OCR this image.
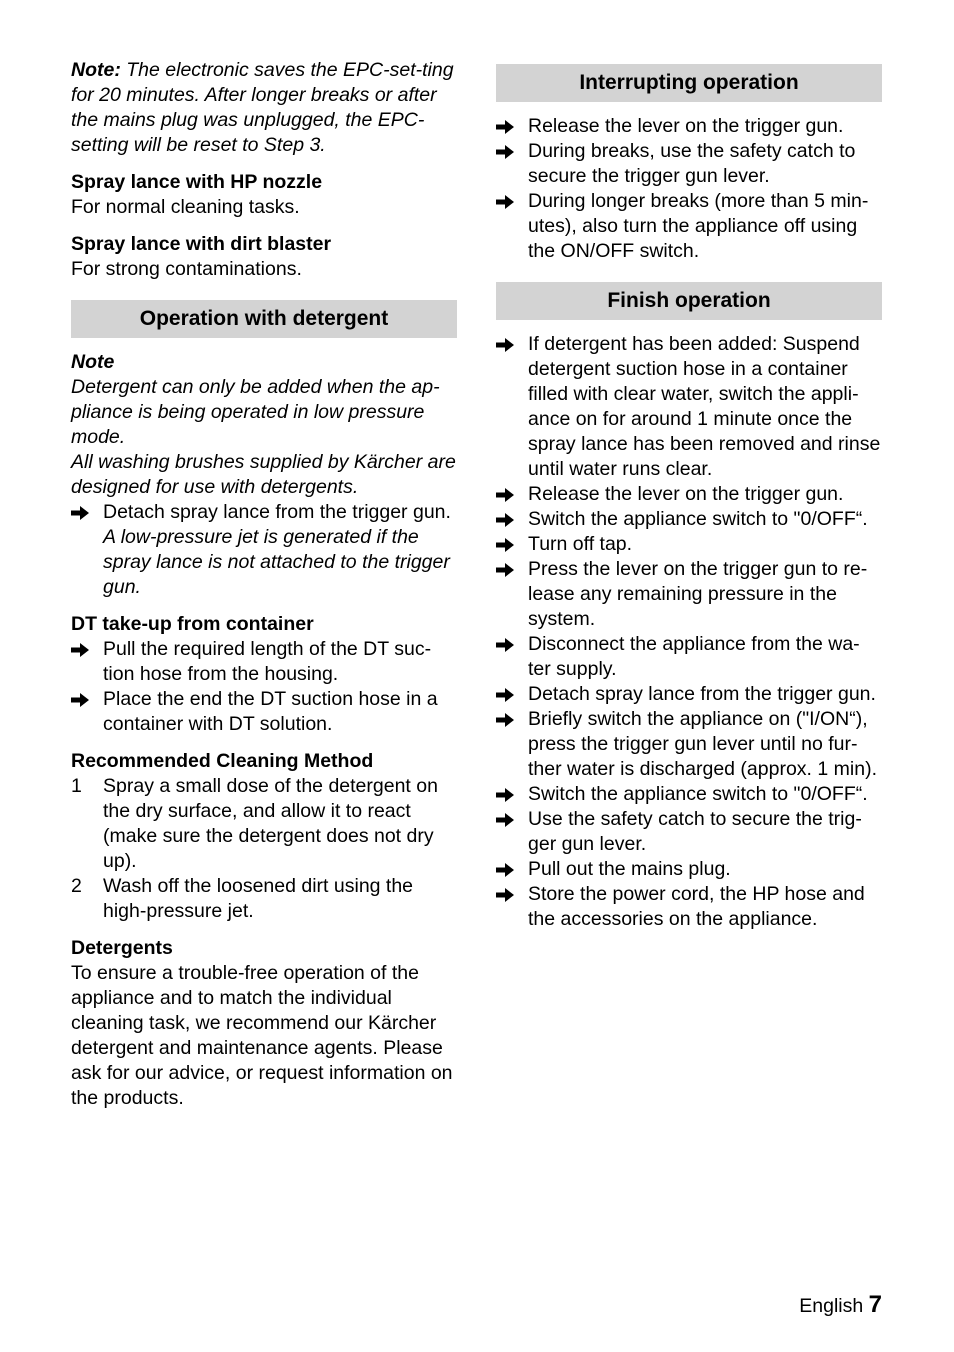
Note: The electronic saves the EPC-set-ting for 20 minutes. After longer breaks or after the mains plug was unplugged, the EPC-setting will be reset to Step 3.

Spray lance with HP nozzle

For normal cleaning tasks.

Spray lance with dirt blaster

For strong contaminations.

Operation with detergent

Note

Detergent can only be added when the ap-pliance is being operated in low pressure mode.

All washing brushes supplied by Kärcher are designed for use with detergents.

Detach spray lance from the trigger gun.
A low-pressure jet is generated if the spray lance is not attached to the trigger gun.

DT take-up from container

Pull the required length of the DT suc-tion hose from the housing.
Place the end the DT suction hose in a container with DT solution.

Recommended Cleaning Method

1 Spray a small dose of the detergent on the dry surface, and allow it to react (make sure the detergent does not dry up).
2 Wash off the loosened dirt using the high-pressure jet.

Detergents

To ensure a trouble-free operation of the appliance and to match the individual cleaning task, we recommend our Kärcher detergent and maintenance agents. Please ask for our advice, or request information on the products.

Interrupting operation
Release the lever on the trigger gun.
During breaks, use the safety catch to secure the trigger gun lever.
During longer breaks (more than 5 min-utes), also turn the appliance off using the ON/OFF switch.
Finish operation
If detergent has been added: Suspend detergent suction hose in a container filled with clear water, switch the appli-ance on for around 1 minute once the spray lance has been removed and rinse until water runs clear.
Release the lever on the trigger gun.
Switch the appliance switch to "0/OFF“.
Turn off tap.
Press the lever on the trigger gun to re-lease any remaining pressure in the system.
Disconnect the appliance from the wa-ter supply.
Detach spray lance from the trigger gun.
Briefly switch the appliance on ("I/ON“), press the trigger gun lever until no fur-ther water is discharged (approx. 1 min).
Switch the appliance switch to "0/OFF“.
Use the safety catch to secure the trig-ger gun lever.
Pull out the mains plug.
Store the power cord, the HP hose and the accessories on the appliance.
English 7
